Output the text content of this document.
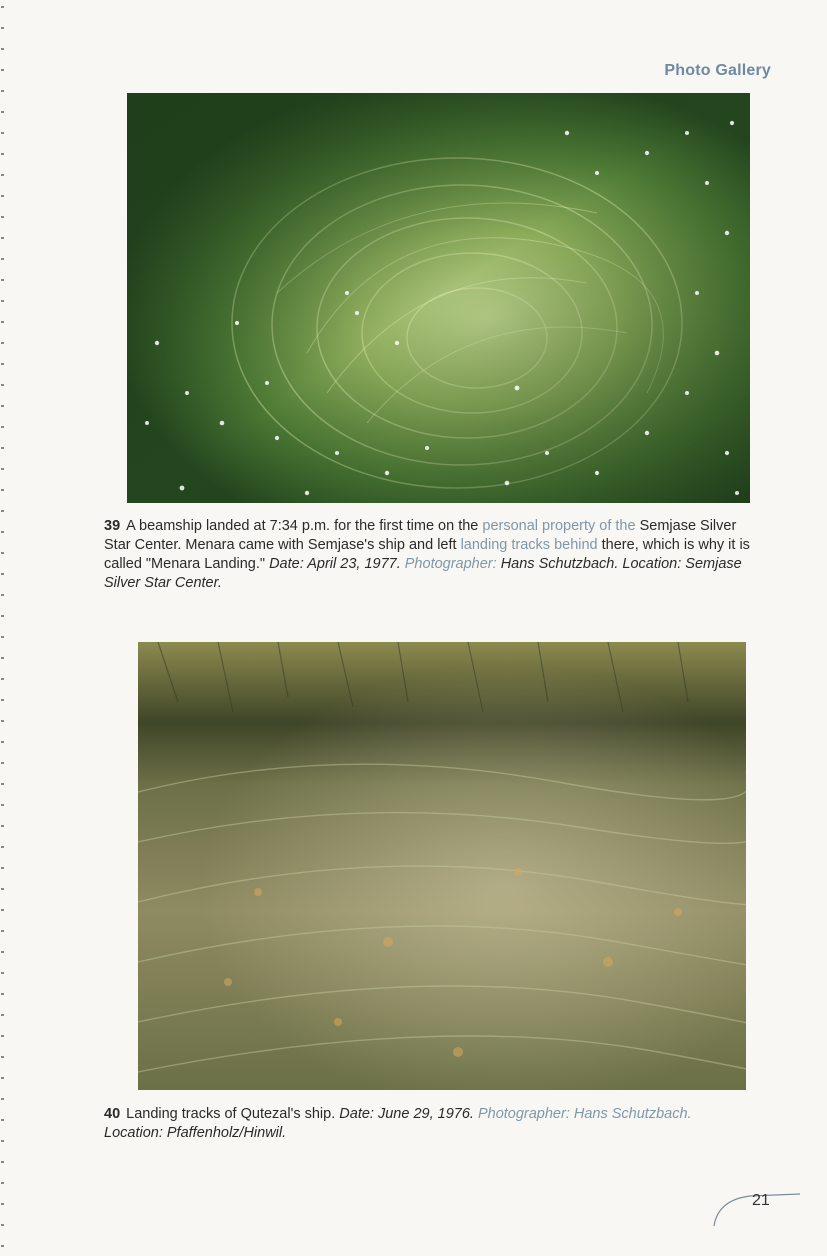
Photo Gallery
39 A beamship landed at 7:34 p.m. for the first time on the personal property of the Semjase Silver Star Center. Menara came with Semjase's ship and left landing tracks behind there, which is why it is called "Menara Landing." Date: April 23, 1977. Photographer: Hans Schutzbach. Location: Semjase Silver Star Center.
40 Landing tracks of Qutezal's ship. Date: June 29, 1976. Photographer: Hans Schutzbach.
Location: Pfaffenholz/Hinwil.
21
